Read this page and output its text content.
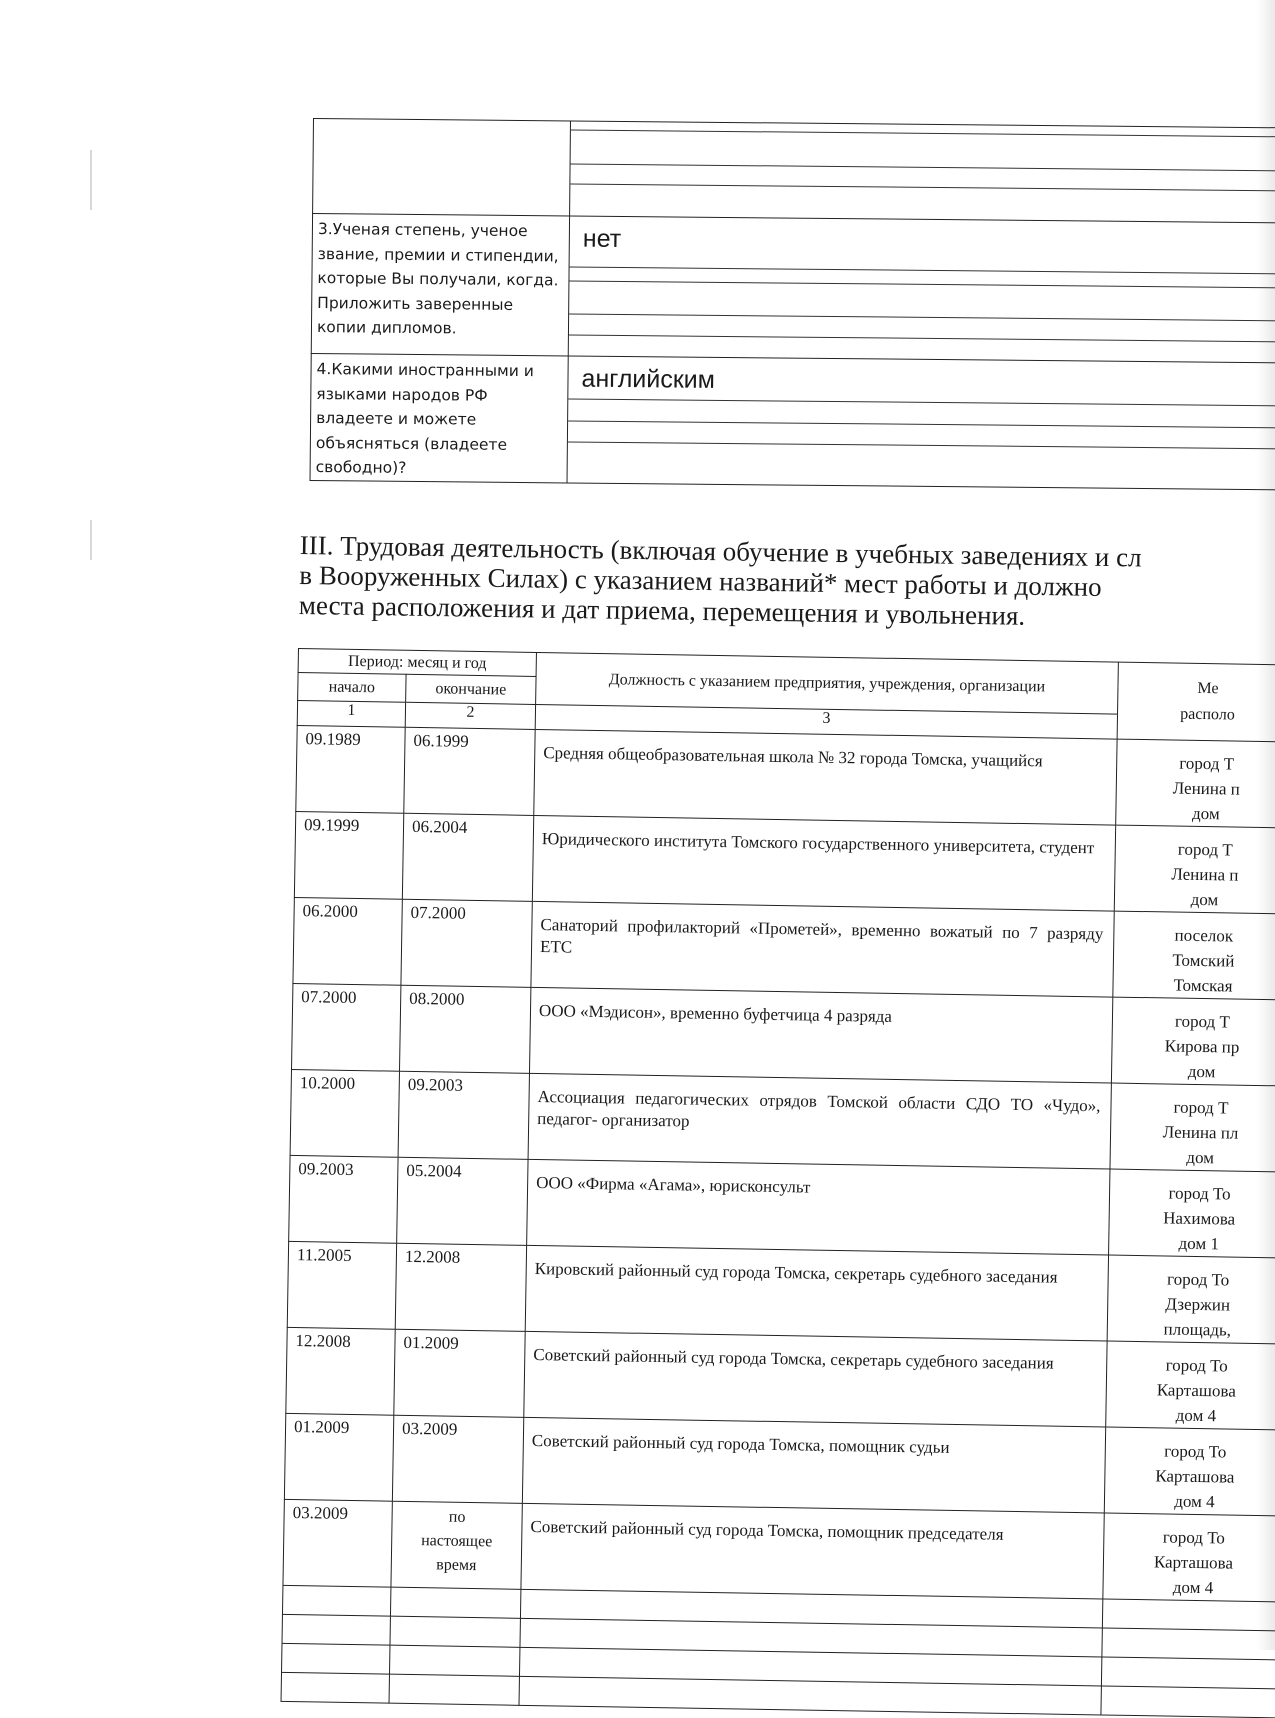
3.Ученая степень, ученое звание, премии и стипендии, которые Вы получали, когда. Приложить заверенные копии дипломов.	нет

4.Какими иностранными и языками народов РФ владеете и можете объясняться (владеете свободно)?	английским
III. Трудовая деятельность (включая обучение в учебных заведениях и сл
в Вооруженных Силах) с указанием названий* мест работы и должно
места расположения и дат приема, перемещения и увольнения.
Период: месяц и год		Должность с указанием предприятия, учреждения, организации	Ме
располо
начало	окончание		
1	2	3	
09.1989	06.1999	Средняя общеобразовательная школа № 32 города Томска, учащийся	город Т
Ленина п
дом
09.1999	06.2004	Юридического института Томского государственного университета, студент	город Т
Ленина п
дом
06.2000	07.2000	Санаторий профилакторий «Прометей», временно вожатый по 7 разряду ЕТС	поселок
Томский
Томская
07.2000	08.2000	ООО «Мэдисон», временно буфетчица 4 разряда	город Т
Кирова пр
дом
10.2000	09.2003	Ассоциация педагогических отрядов Томской области СДО ТО «Чудо», педагог- организатор	город Т
Ленина пл
дом
09.2003	05.2004	ООО «Фирма «Агама», юрисконсульт	город То
Нахимова
дом 1
11.2005	12.2008	Кировский районный суд города Томска, секретарь судебного заседания	город То
Дзержин
площадь,
12.2008	01.2009	Советский районный суд города Томска, секретарь судебного заседания	город То
Карташова
дом 4
01.2009	03.2009	Советский районный суд города Томска, помощник судьи	город То
Карташова
дом 4
03.2009	по
настоящее
время	Советский районный суд города Томска, помощник председателя	город То
Карташова
дом 4
